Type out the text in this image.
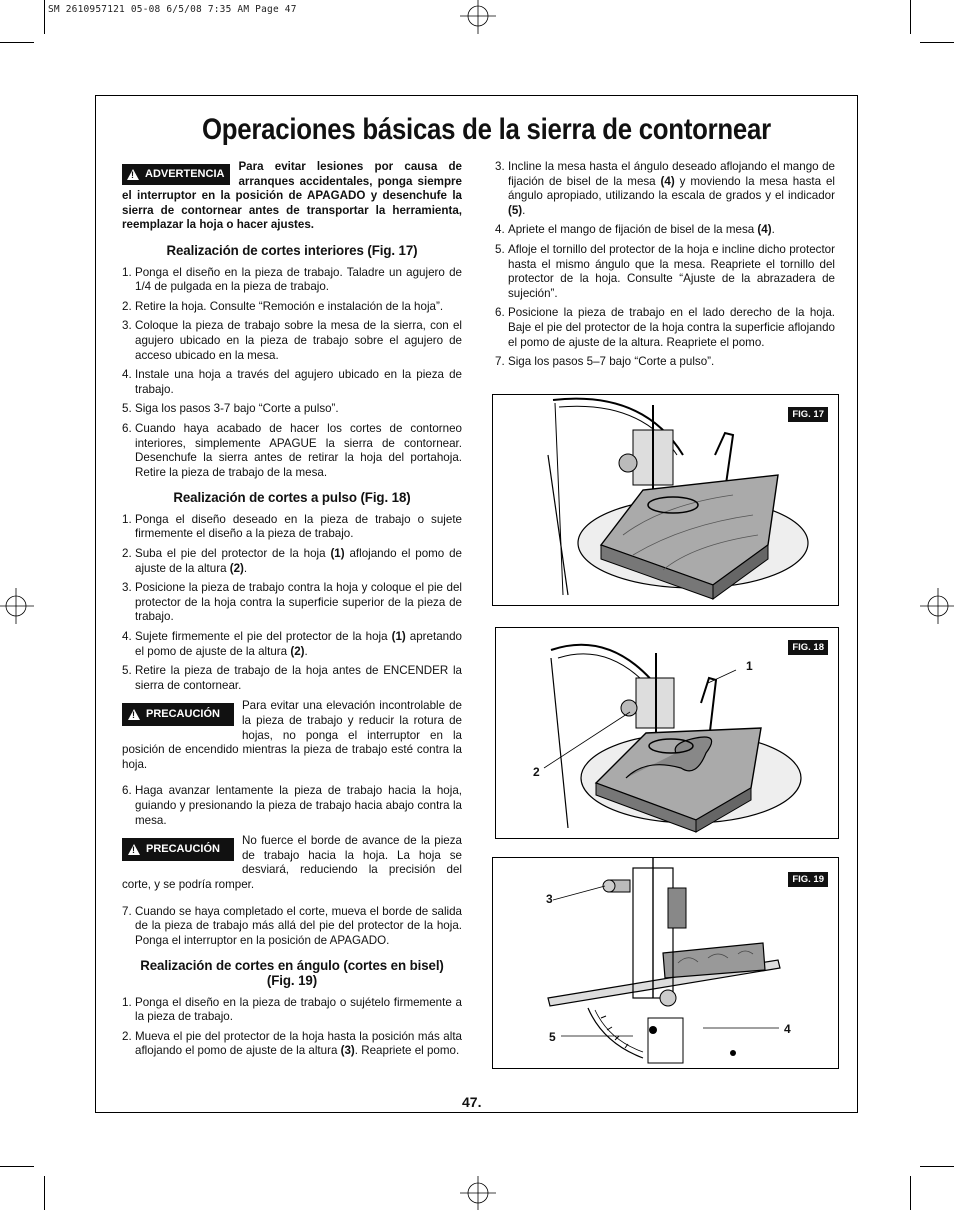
SM 2610957121 05-08 6/5/08 7:35 AM Page 47
Operaciones básicas de la sierra de contornear
!
ADVERTENCIA
Para evitar lesiones por causa de arranques accidentales, ponga siempre el interruptor en la posición de APAGADO y desenchufe la sierra de contornear antes de transportar la herramienta, reemplazar la hoja o hacer ajustes.
Realización de cortes interiores (Fig. 17)
1. Ponga el diseño en la pieza de trabajo. Taladre un agujero de 1/4 de pulgada en la pieza de trabajo.
2. Retire la hoja. Consulte “Remoción e instalación de la hoja”.
3. Coloque la pieza de trabajo sobre la mesa de la sierra, con el agujero ubicado en la pieza de trabajo sobre el agujero de acceso ubicado en la mesa.
4. Instale una hoja a través del agujero ubicado en la pieza de trabajo.
5. Siga los pasos 3-7 bajo “Corte a pulso”.
6. Cuando haya acabado de hacer los cortes de contorneo interiores, simplemente APAGUE la sierra de contornear. Desenchufe la sierra antes de retirar la hoja del portahoja. Retire la pieza de trabajo de la mesa.
Realización de cortes a pulso (Fig. 18)
1. Ponga el diseño deseado en la pieza de trabajo o sujete firmemente el diseño a la pieza de trabajo.
2. Suba el pie del protector de la hoja (1) aflojando el pomo de ajuste de la altura (2).
3. Posicione la pieza de trabajo contra la hoja y coloque el pie del protector de la hoja contra la superficie superior de la pieza de trabajo.
4. Sujete firmemente el pie del protector de la hoja (1) apretando el pomo de ajuste de la altura (2).
5. Retire la pieza de trabajo de la hoja antes de ENCENDER la sierra de contornear.
!
PRECAUCIÓN
Para evitar una elevación incontrolable de la pieza de trabajo y reducir la rotura de hojas, no ponga el interruptor en la posición de encendido mientras la pieza de trabajo esté contra la hoja.
6. Haga avanzar lentamente la pieza de trabajo hacia la hoja, guiando y presionando la pieza de trabajo hacia abajo contra la mesa.
!
PRECAUCIÓN
No fuerce el borde de avance de la pieza de trabajo hacia la hoja. La hoja se desviará, reduciendo la precisión del corte, y se podría romper.
7. Cuando se haya completado el corte, mueva el borde de salida de la pieza de trabajo más allá del pie del protector de la hoja. Ponga el interruptor en la posición de APAGADO.
Realización de cortes en ángulo (cortes en bisel) (Fig. 19)
1. Ponga el diseño en la pieza de trabajo o sujételo firmemente a la pieza de trabajo.
2. Mueva el pie del protector de la hoja hasta la posición más alta aflojando el pomo de ajuste de la altura (3). Reapriete el pomo.
3. Incline la mesa hasta el ángulo deseado aflojando el mango de fijación de bisel de la mesa (4) y moviendo la mesa hasta el ángulo apropiado, utilizando la escala de grados y el indicador (5).
4. Apriete el mango de fijación de bisel de la mesa (4).
5. Afloje el tornillo del protector de la hoja e incline dicho protector hasta el mismo ángulo que la mesa. Reapriete el tornillo del protector de la hoja. Consulte “Ajuste de la abrazadera de sujeción”.
6. Posicione la pieza de trabajo en el lado derecho de la hoja. Baje el pie del protector de la hoja contra la superficie aflojando el pomo de ajuste de la altura. Reapriete el pomo.
7. Siga los pasos 5–7 bajo “Corte a pulso”.
FIG. 17
FIG. 18
1
2
FIG. 19
3
4
5
47.
